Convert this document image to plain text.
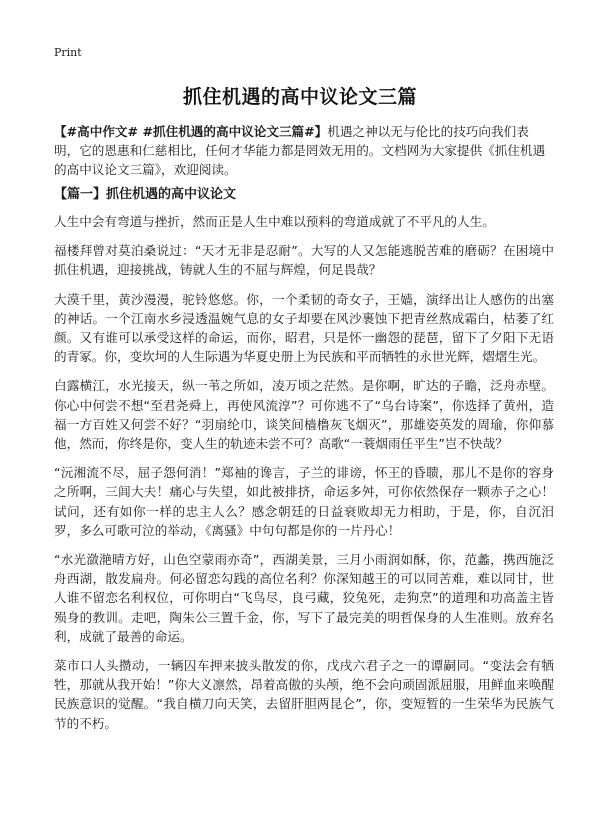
Print
抓住机遇的高中议论文三篇
【#高中作文# #抓住机遇的高中议论文三篇#】机遇之神以无与伦比的技巧向我们表明，它的恩惠和仁慈相比，任何才华能力都是罔效无用的。文档网为大家提供《抓住机遇的高中议论文三篇》，欢迎阅读。
【篇一】抓住机遇的高中议论文

人生中会有弯道与挫折，然而正是人生中难以预料的弯道成就了不平凡的人生。

福楼拜曾对莫泊桑说过：“天才无非是忍耐”。大写的人又怎能逃脱苦难的磨砺？在困境中抓住机遇，迎接挑战，铸就人生的不屈与辉煌，何足畏哉？

大漠千里，黄沙漫漫，驼铃悠悠。你，一个柔韧的奇女子，王嫱，演绎出让人感伤的出塞的神话。一个江南水乡浸透温婉气息的女子却要在风沙裹蚀下把青丝熬成霜白，枯萎了红颜。又有谁可以承受这样的命运，而你，昭君，只是怀一幽怨的琵琶，留下了夕阳下无语的青冢。你，变坎坷的人生际遇为华夏史册上为民族和平而牺牲的永世光辉，熠熠生光。

白露横江，水光接天，纵一苇之所如，凌万顷之茫然。是你啊，旷达的子瞻，泛舟赤壁。你心中何尝不想“至君尧舜上，再使风流淳”？可你逃不了“乌台诗案”，你选择了黄州，造福一方百姓又何尝不好？“羽扇纶巾，谈笑间樯橹灰飞烟灭”，那雄姿英发的周瑜，你仰慕他，然而，你终是你，变人生的轨迹未尝不可？高歌“一蓑烟雨任平生”岂不快哉？

“沅湘流不尽，屈子怨何消！”郑袖的谗言，子兰的诽谤，怀王的昏聩，那儿不是你的容身之所啊，三闾大夫！痛心与失望，如此被排挤，命运多舛，可你依然保存一颗赤子之心！试问，还有如你一样的忠主人么？感念朝廷的日益衰败却无力相助，于是，你，自沉汨罗，多么可歌可泣的举动，《离骚》中句句都是你的一片丹心！

“水光潋滟晴方好，山色空蒙雨亦奇”，西湖美景，三月小雨润如酥，你，范蠡，携西施泛舟西湖，散发扁舟。何必留恋勾践的高位名利？你深知越王的可以同苦难，难以同甘，世人谁不留恋名利权位，可你明白“飞鸟尽，良弓藏，狡兔死，走狗烹”的道理和功高盖主皆殒身的教训。走吧，陶朱公三置千金，你，写下了最完美的明哲保身的人生准则。放弃名利，成就了最善的命运。

菜市口人头攒动，一辆囚车押来披头散发的你，戊戌六君子之一的谭嗣同。“变法会有牺牲，那就从我开始！”你大义凛然，昂着高傲的头颅，绝不会向顽固派屈服，用鲜血来唤醒民族意识的觉醒。“我自横刀向天笑，去留肝胆两昆仑”，你，变短暂的一生荣华为民族气节的不朽。
